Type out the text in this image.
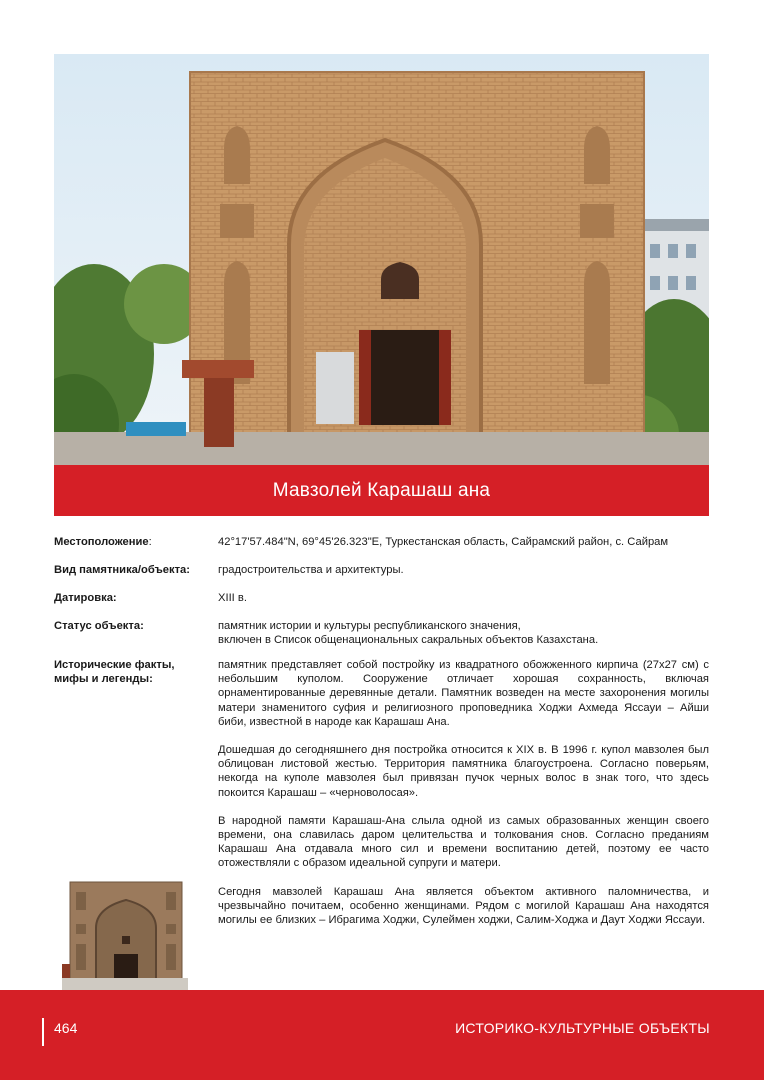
Мавзолей Карашаш ана
Местоположение:	42°17'57.484"N, 69°45'26.323"E, Туркестанская область, Сайрамский район, с. Сайрам
Вид памятника/объекта:	градостроительства и архитектуры.
Датировка:	XIII в.
Статус объекта:	памятник истории и культуры республиканского значения,
включен в Список общенациональных сакральных объектов Казахстана.
Исторические факты,
мифы и легенды:

памятник представляет собой постройку из квадратного обожженного кирпича (27х27 см) с небольшим куполом. Сооружение отличает хорошая сохранность, включая орнаментированные деревянные детали. Памятник возведен на месте захоронения могилы матери знаменитого суфия и религиозного проповедника Ходжи Ахмеда Яссауи – Айши биби, известной в народе как Карашаш Ана.

Дошедшая до сегодняшнего дня постройка относится к XIX в. В 1996 г. купол мавзолея был облицован листовой жестью. Территория памятника благоустроена. Согласно поверьям, некогда на куполе мавзолея был привязан пучок черных волос в знак того, что здесь покоится Карашаш – «черноволосая».

В народной памяти Карашаш-Ана слыла одной из самых образованных женщин своего времени, она славилась даром целительства и толкования снов. Согласно преданиям Карашаш Ана отдавала много сил и времени воспитанию детей, поэтому ее часто отожествляли с образом идеальной супруги и матери.

Сегодня мавзолей Карашаш Ана является объектом активного паломничества, и чрезвычайно почитаем, особенно женщинами. Рядом с могилой Карашаш Ана находятся могилы ее близких – Ибрагима Ходжи, Сулеймен ходжи, Салим-Ходжа и Даут Ходжи Яссауи.

464	ИСТОРИКО-КУЛЬТУРНЫЕ ОБЪЕКТЫ
